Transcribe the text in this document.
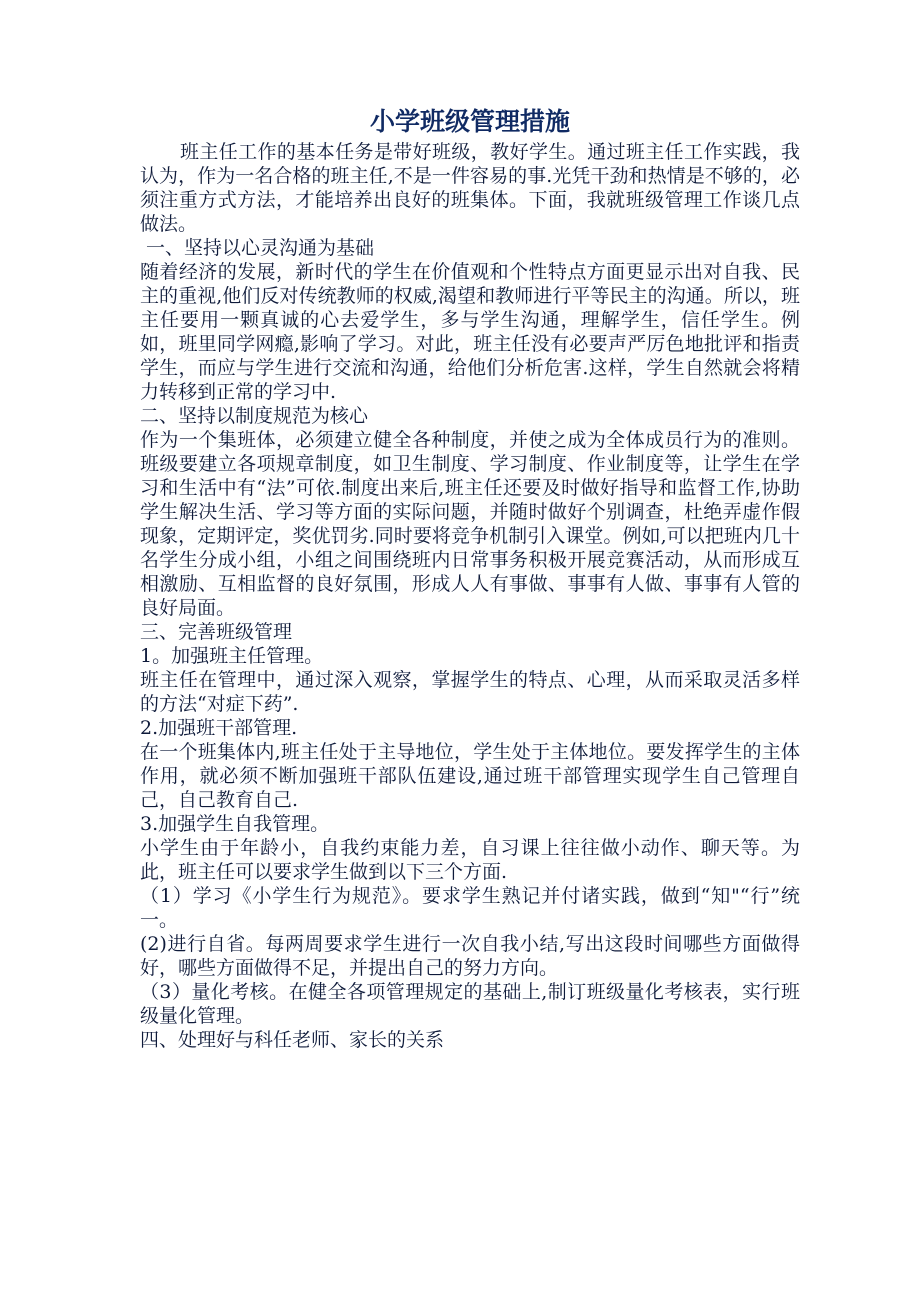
小学班级管理措施

班主任工作的基本任务是带好班级，教好学生。通过班主任工作实践，我认为，作为一名合格的班主任,不是一件容易的事.光凭干劲和热情是不够的，必须注重方式方法，才能培养出良好的班集体。下面，我就班级管理工作谈几点做法。

一、坚持以心灵沟通为基础

随着经济的发展，新时代的学生在价值观和个性特点方面更显示出对自我、民主的重视,他们反对传统教师的权威,渴望和教师进行平等民主的沟通。所以，班主任要用一颗真诚的心去爱学生，多与学生沟通，理解学生，信任学生。例如，班里同学网瘾,影响了学习。对此，班主任没有必要声严厉色地批评和指责学生，而应与学生进行交流和沟通，给他们分析危害.这样，学生自然就会将精力转移到正常的学习中.

二、坚持以制度规范为核心

作为一个集班体，必须建立健全各种制度，并使之成为全体成员行为的准则。班级要建立各项规章制度，如卫生制度、学习制度、作业制度等，让学生在学习和生活中有“法”可依.制度出来后,班主任还要及时做好指导和监督工作,协助学生解决生活、学习等方面的实际问题，并随时做好个别调查，杜绝弄虚作假现象，定期评定，奖优罚劣.同时要将竞争机制引入课堂。例如,可以把班内几十名学生分成小组，小组之间围绕班内日常事务积极开展竞赛活动，从而形成互相激励、互相监督的良好氛围，形成人人有事做、事事有人做、事事有人管的良好局面。

三、完善班级管理

1。加强班主任管理。

班主任在管理中，通过深入观察，掌握学生的特点、心理，从而采取灵活多样的方法“对症下药”.

2.加强班干部管理.

在一个班集体内,班主任处于主导地位，学生处于主体地位。要发挥学生的主体作用，就必须不断加强班干部队伍建设,通过班干部管理实现学生自己管理自己，自己教育自己.

3.加强学生自我管理。

小学生由于年龄小，自我约束能力差，自习课上往往做小动作、聊天等。为此，班主任可以要求学生做到以下三个方面.

（1）学习《小学生行为规范》。要求学生熟记并付诸实践，做到“知"“行”统一。

(2)进行自省。每两周要求学生进行一次自我小结,写出这段时间哪些方面做得好，哪些方面做得不足，并提出自己的努力方向。

（3）量化考核。在健全各项管理规定的基础上,制订班级量化考核表，实行班级量化管理。

四、处理好与科任老师、家长的关系
